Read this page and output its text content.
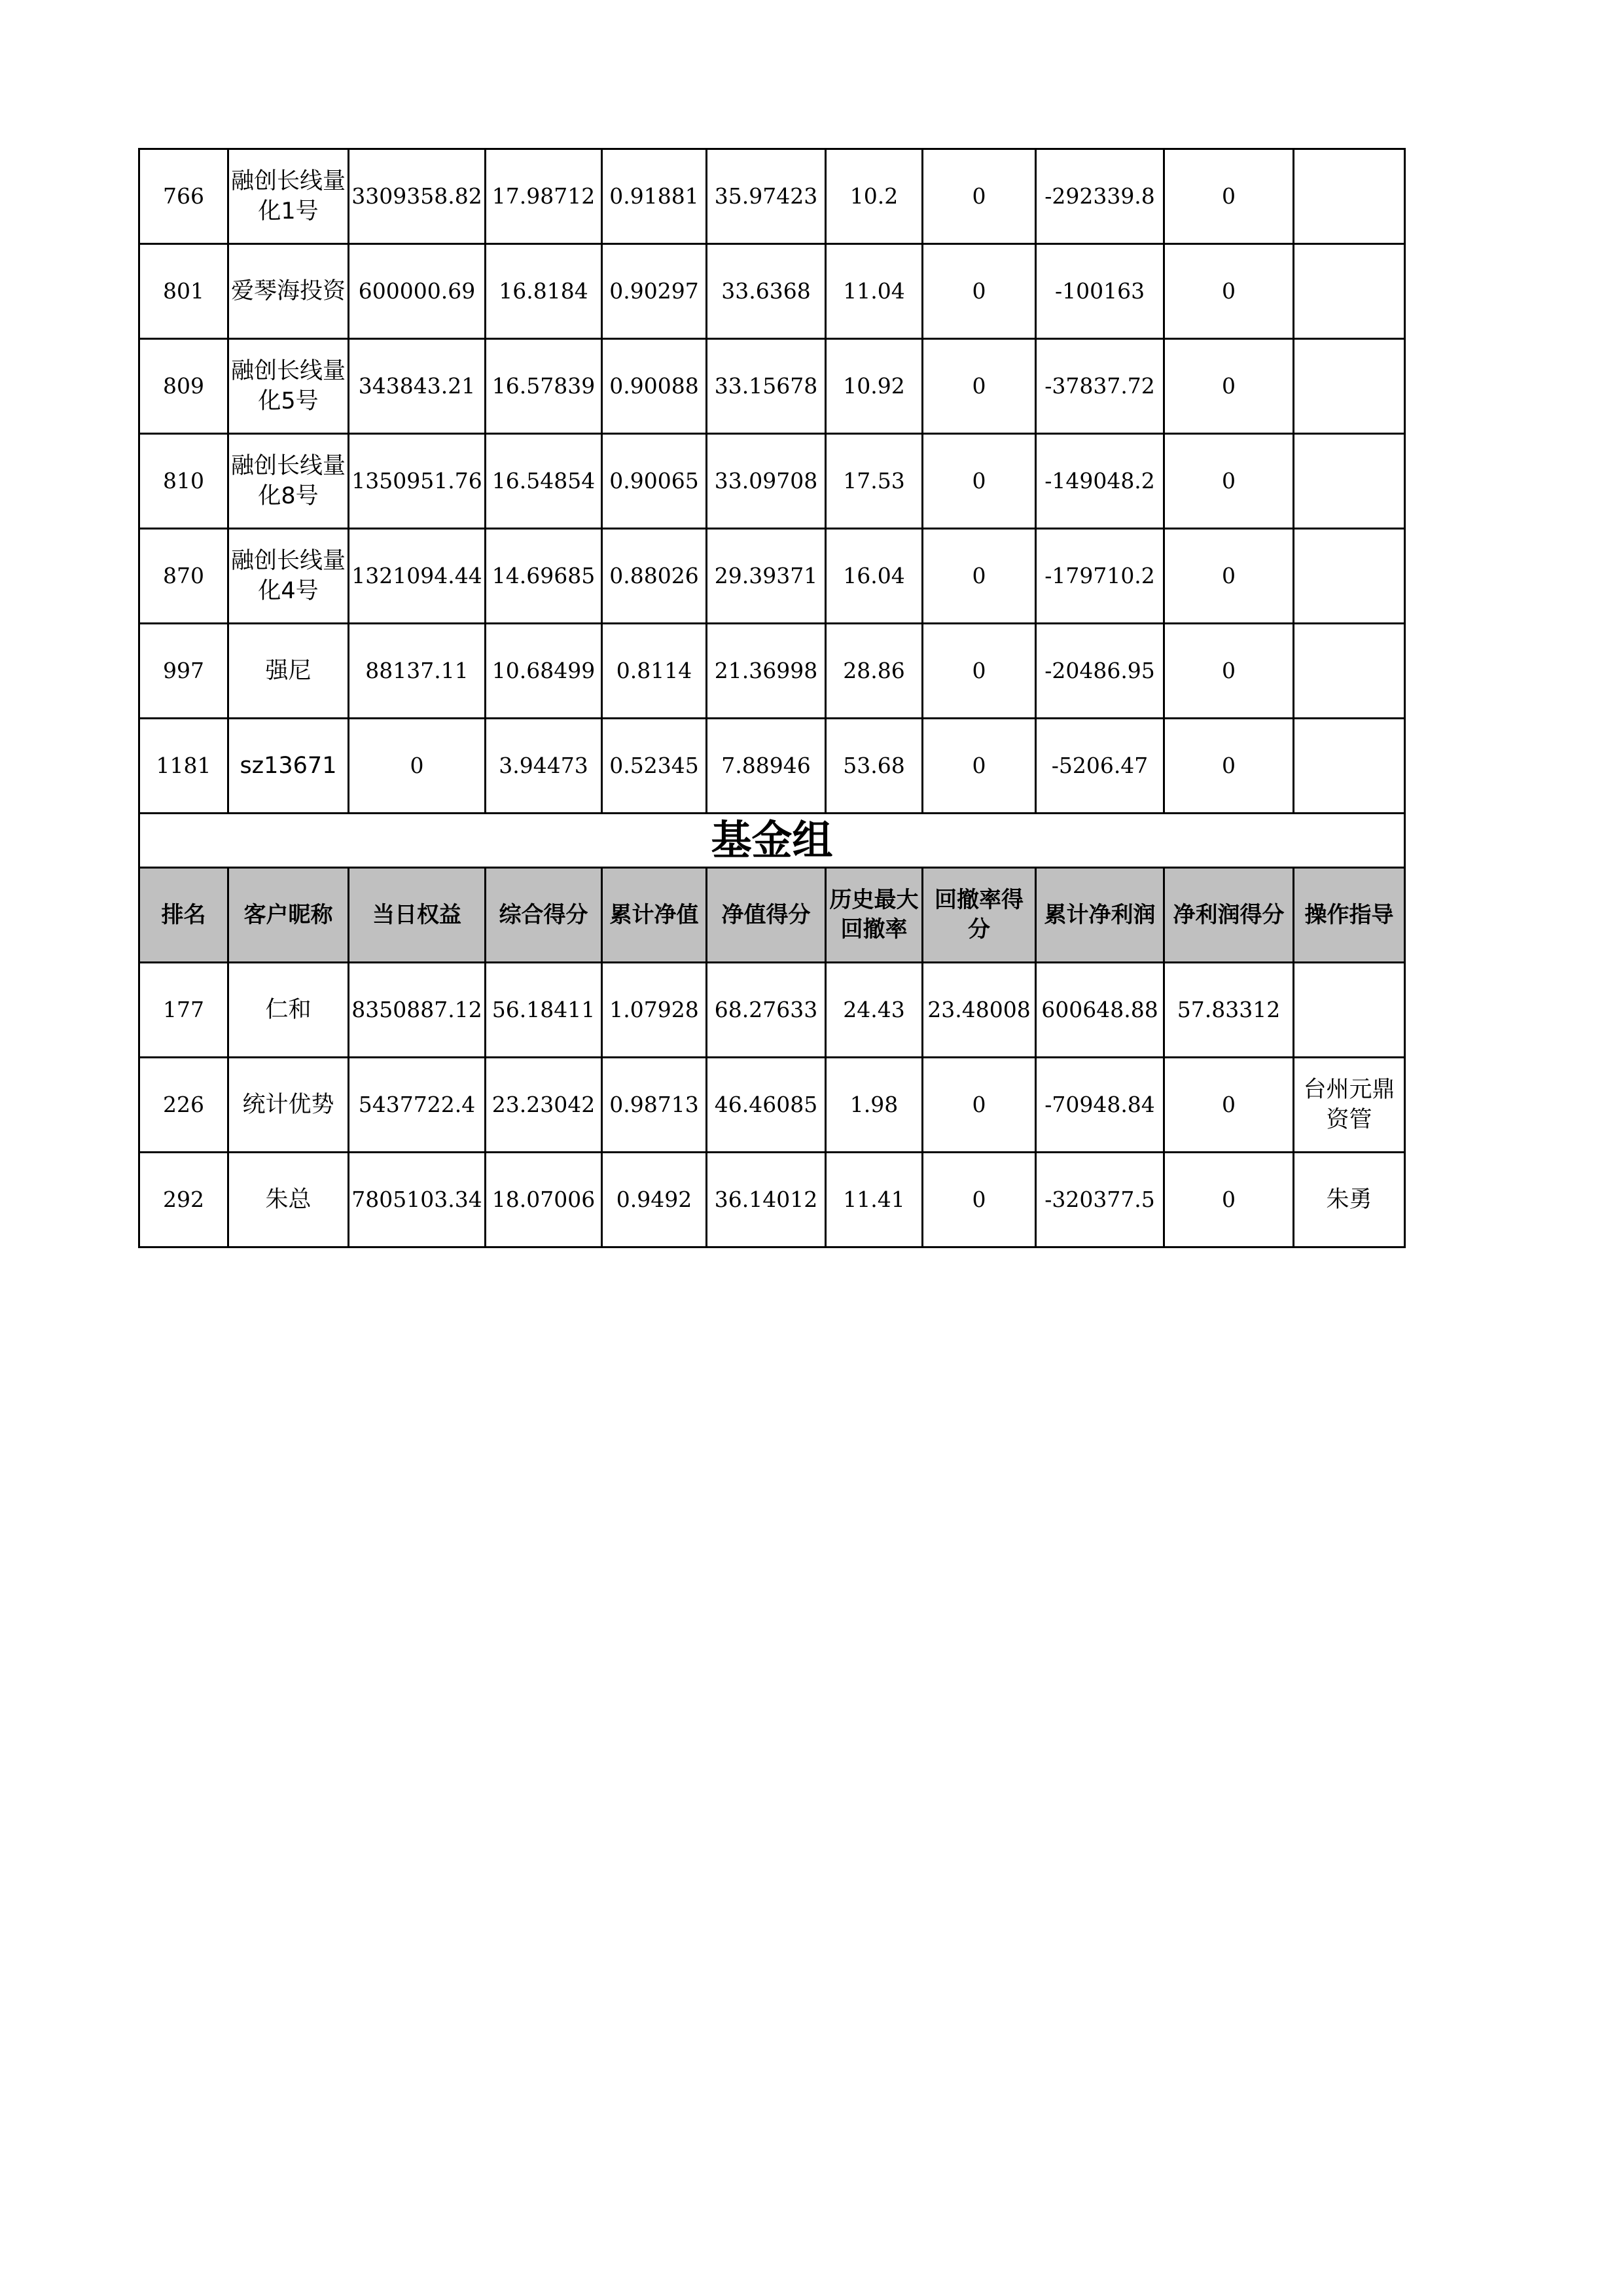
766	融创长线量化1号	3309358.82	17.98712	0.91881	35.97423	10.2	0	-292339.8	0	
801	爱琴海投资	600000.69	16.8184	0.90297	33.6368	11.04	0	-100163	0	
809	融创长线量化5号	343843.21	16.57839	0.90088	33.15678	10.92	0	-37837.72	0	
810	融创长线量化8号	1350951.76	16.54854	0.90065	33.09708	17.53	0	-149048.2	0	
870	融创长线量化4号	1321094.44	14.69685	0.88026	29.39371	16.04	0	-179710.2	0	
997	强尼	88137.11	10.68499	0.8114	21.36998	28.86	0	-20486.95	0	
1181	sz13671	0	3.94473	0.52345	7.88946	53.68	0	-5206.47	0	
基金组										
排名	客户昵称	当日权益	综合得分	累计净值	净值得分	历史最大回撤率	回撤率得分	累计净利润	净利润得分	操作指导
177	仁和	8350887.12	56.18411	1.07928	68.27633	24.43	23.48008	600648.88	57.83312	
226	统计优势	5437722.4	23.23042	0.98713	46.46085	1.98	0	-70948.84	0	台州元鼎资管
292	朱总	7805103.34	18.07006	0.9492	36.14012	11.41	0	-320377.5	0	朱勇
